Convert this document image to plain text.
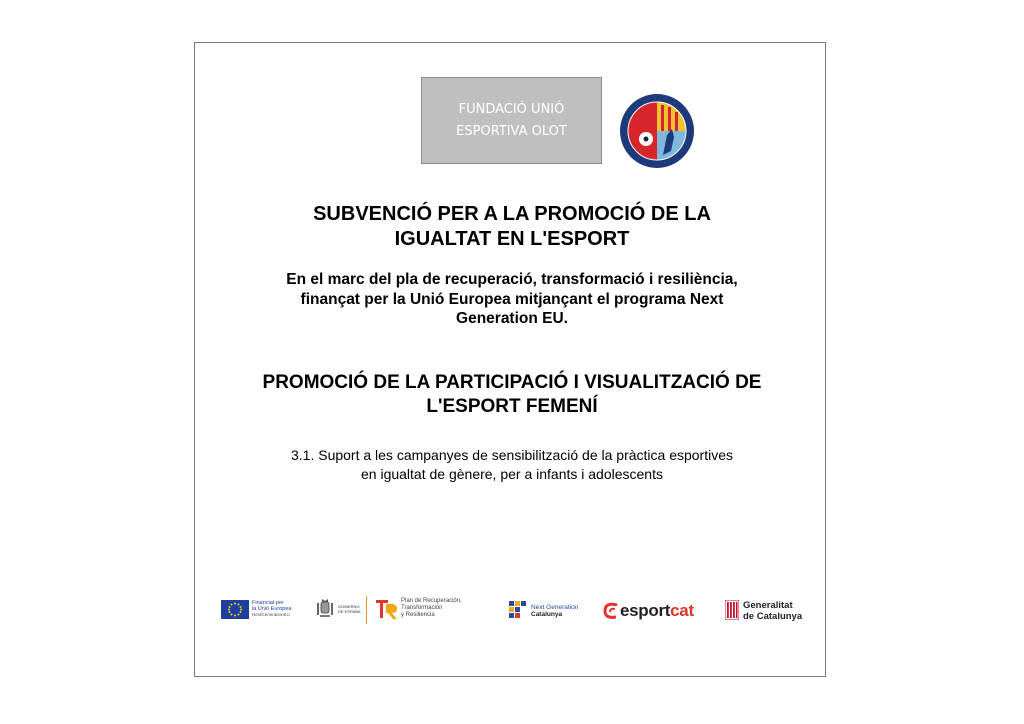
FUNDACIÓ UNIÓ
ESPORTIVA OLOT
SUBVENCIÓ PER A LA PROMOCIÓ DE LA
IGUALTAT EN L'ESPORT
En el marc del pla de recuperació, transformació i resiliència,
finançat per la Unió Europea mitjançant el programa Next
Generation EU.
PROMOCIÓ DE LA PARTICIPACIÓ I VISUALITZACIÓ DE
L'ESPORT FEMENÍ
3.1. Suport a les campanyes de sensibilització de la pràctica esportives
en igualtat de gènere, per a infants i adolescents
Financiat per
la Unió Europea
NextGenerationEU
GOBIERNO
DE ESPAÑA
Plan de Recuperación,
Transformación
y Resiliencia
Next Generation
Catalunya	esportcat	Generalitat
de Catalunya
